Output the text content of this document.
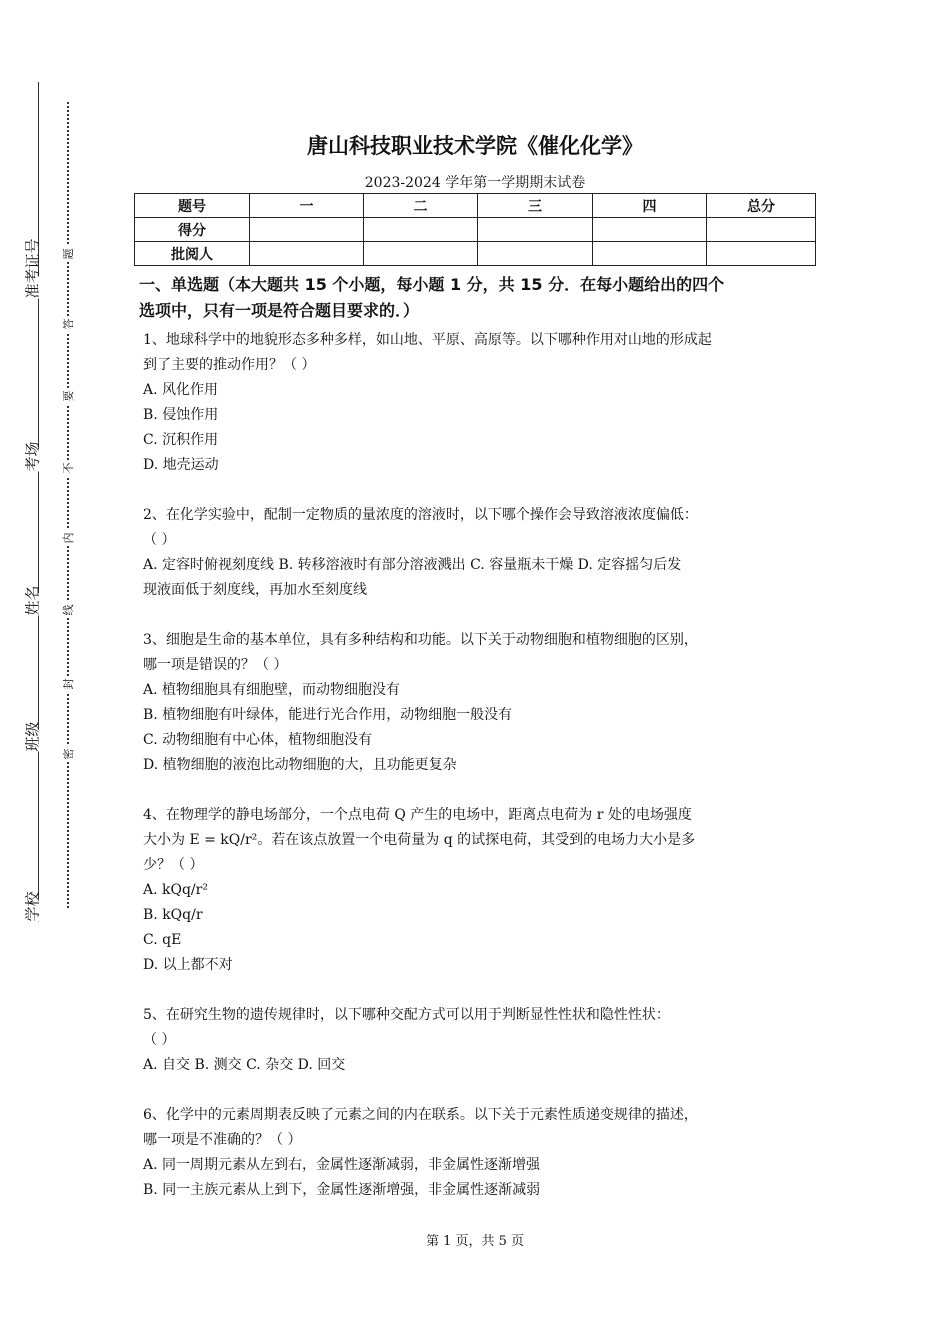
准考证号
考场
姓名
班级
学校
题
答
要
不
内
线
封
密
唐山科技职业技术学院《催化化学》
2023-2024 学年第一学期期末试卷
题号	一	二	三	四	总分
得分					
批阅人					
一、单选题（本大题共 15 个小题，每小题 1 分，共 15 分．在每小题给出的四个
选项中，只有一项是符合题目要求的．）
1、地球科学中的地貌形态多种多样，如山地、平原、高原等。以下哪种作用对山地的形成起
到了主要的推动作用？（ ）
A. 风化作用
B. 侵蚀作用
C. 沉积作用
D. 地壳运动
2、在化学实验中，配制一定物质的量浓度的溶液时，以下哪个操作会导致溶液浓度偏低：
（ ）
A. 定容时俯视刻度线 B. 转移溶液时有部分溶液溅出 C. 容量瓶未干燥 D. 定容摇匀后发
现液面低于刻度线，再加水至刻度线
3、细胞是生命的基本单位，具有多种结构和功能。以下关于动物细胞和植物细胞的区别，
哪一项是错误的？（ ）
A. 植物细胞具有细胞壁，而动物细胞没有
B. 植物细胞有叶绿体，能进行光合作用，动物细胞一般没有
C. 动物细胞有中心体，植物细胞没有
D. 植物细胞的液泡比动物细胞的大，且功能更复杂
4、在物理学的静电场部分，一个点电荷 Q 产生的电场中，距离点电荷为 r 处的电场强度
大小为 E = kQ/r²。若在该点放置一个电荷量为 q 的试探电荷，其受到的电场力大小是多
少？（ ）
A. kQq/r²
B. kQq/r
C. qE
D. 以上都不对
5、在研究生物的遗传规律时，以下哪种交配方式可以用于判断显性性状和隐性性状：
（ ）
A. 自交 B. 测交 C. 杂交 D. 回交
6、化学中的元素周期表反映了元素之间的内在联系。以下关于元素性质递变规律的描述，
哪一项是不准确的？（ ）
A. 同一周期元素从左到右，金属性逐渐减弱，非金属性逐渐增强
B. 同一主族元素从上到下，金属性逐渐增强，非金属性逐渐减弱
第 1 页，共 5 页
